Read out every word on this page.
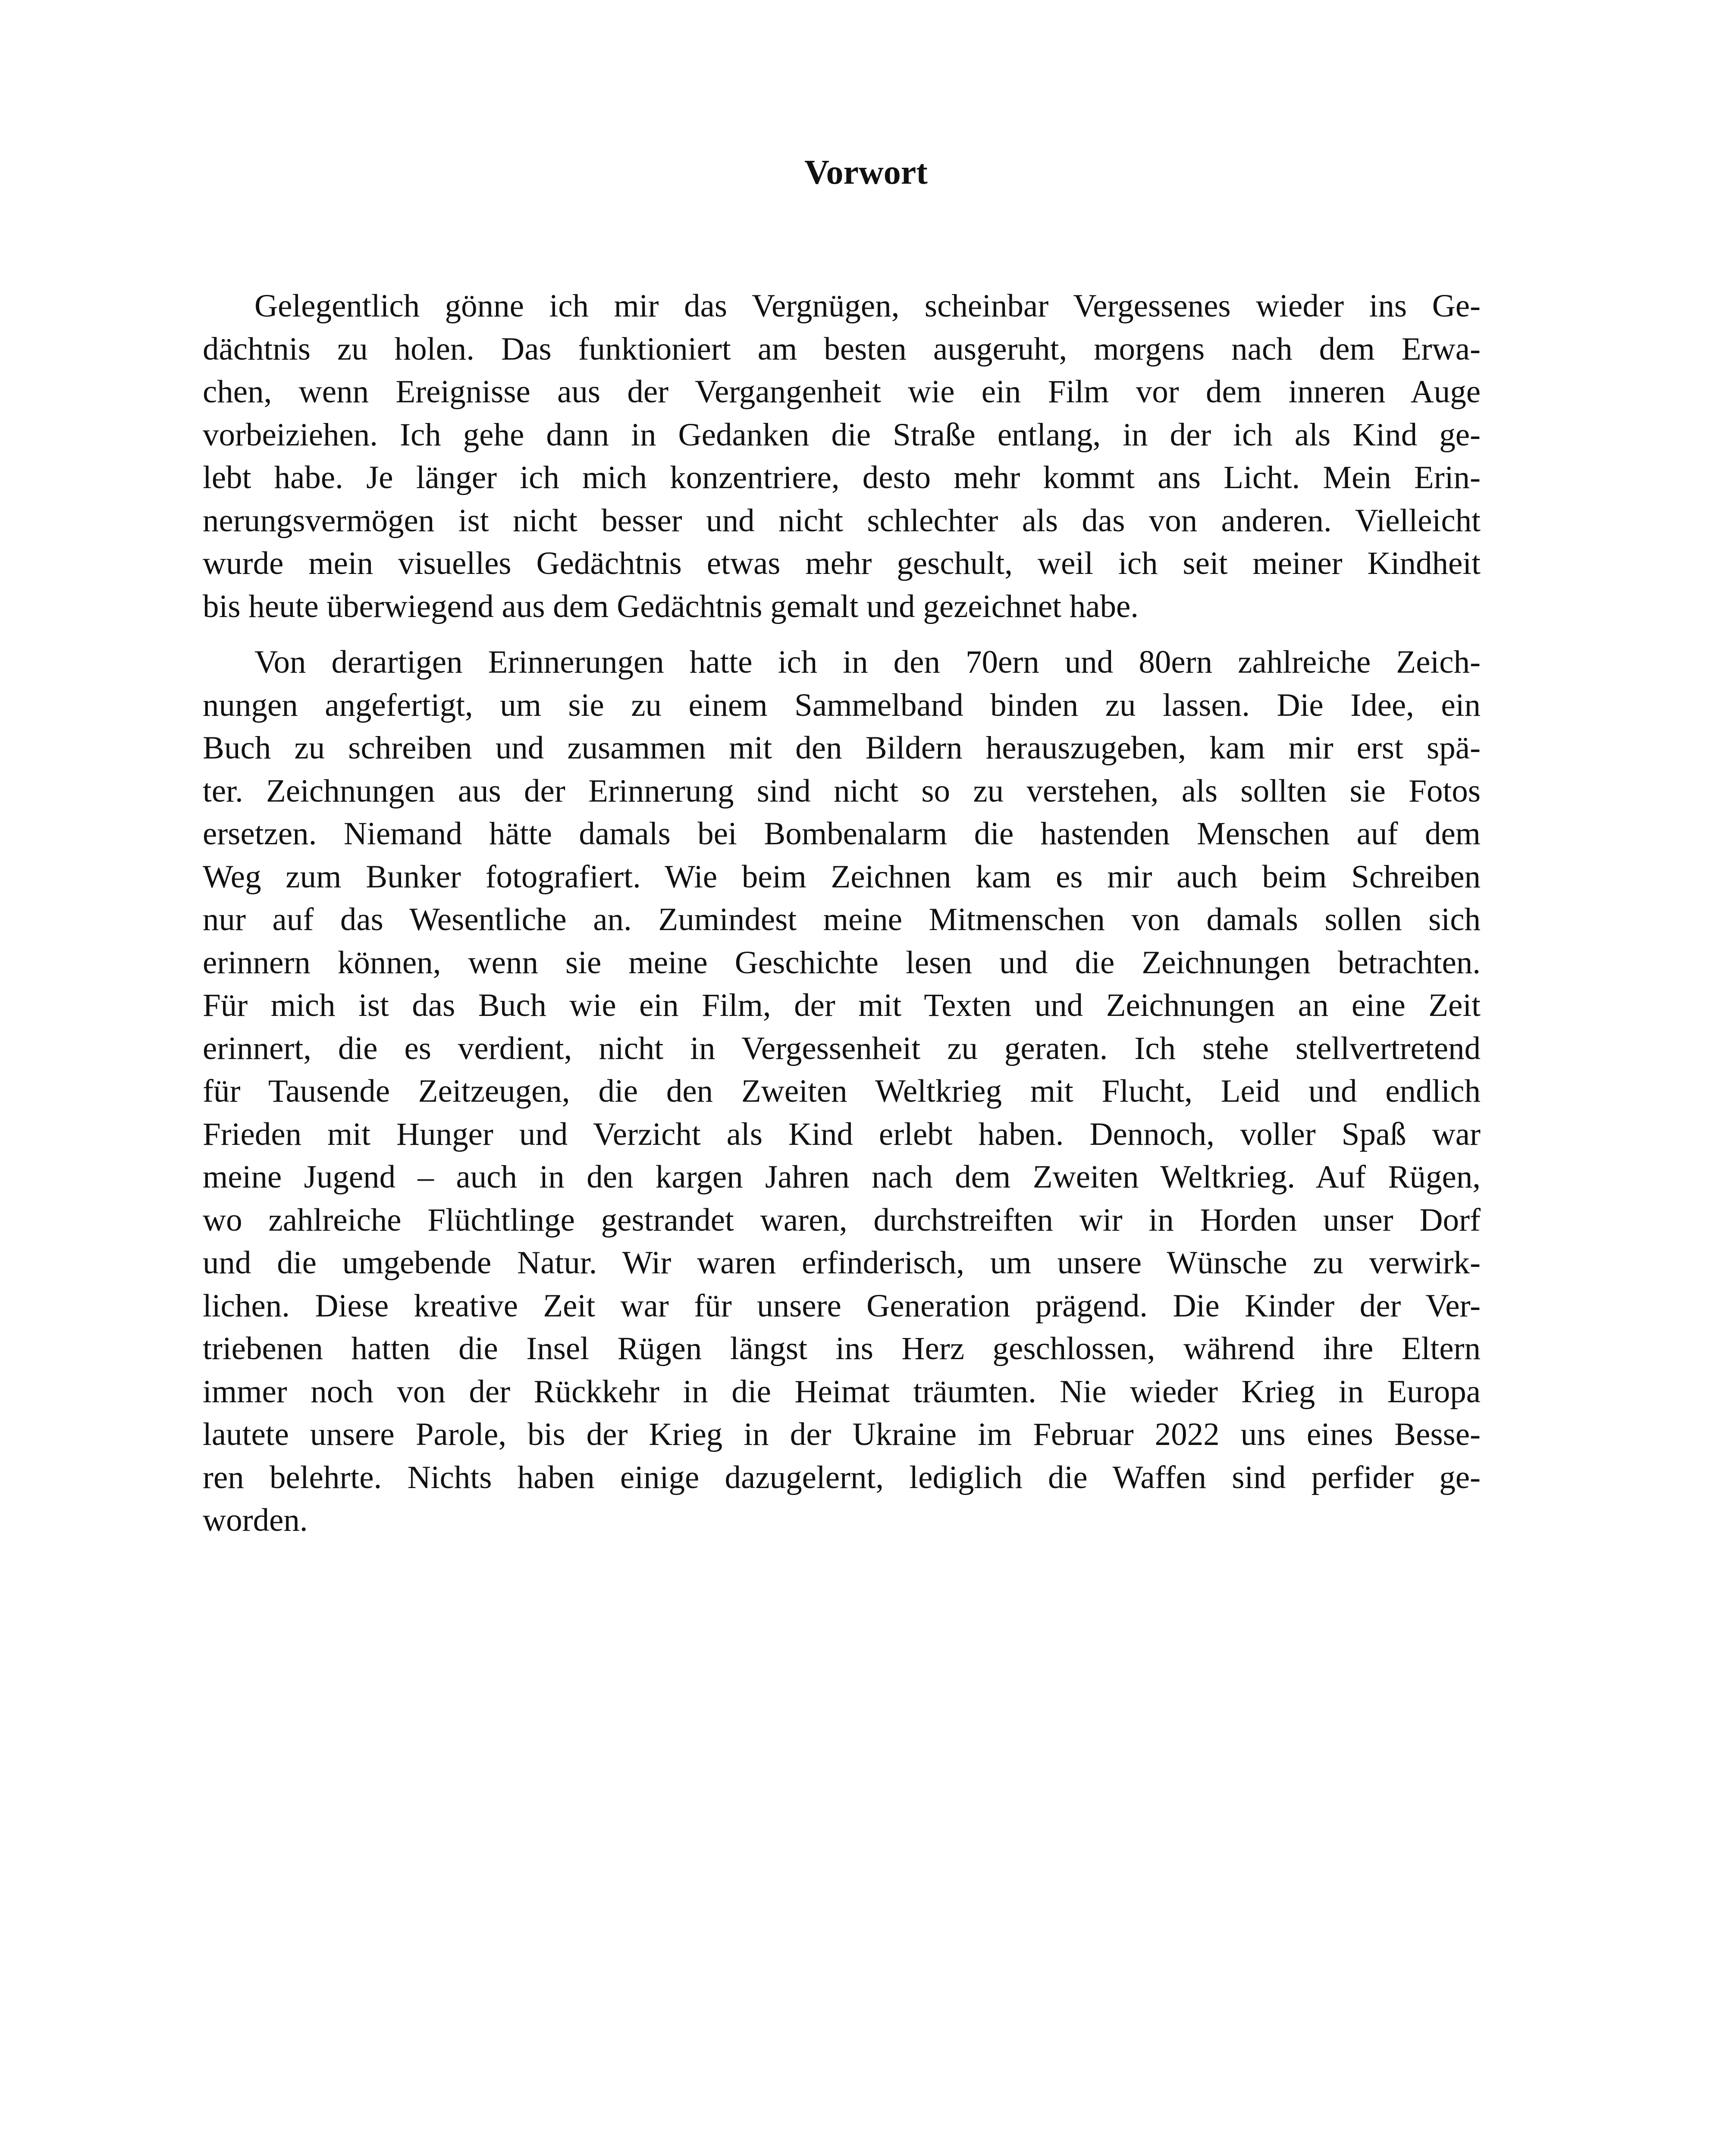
Vorwort
Gelegentlich gönne ich mir das Vergnügen, scheinbar Vergessenes wieder ins Ge-
dächtnis zu holen. Das funktioniert am besten ausgeruht, morgens nach dem Erwa-
chen, wenn Ereignisse aus der Vergangenheit wie ein Film vor dem inneren Auge
vorbeiziehen. Ich gehe dann in Gedanken die Straße entlang, in der ich als Kind ge-
lebt habe. Je länger ich mich konzentriere, desto mehr kommt ans Licht. Mein Erin-
nerungsvermögen ist nicht besser und nicht schlechter als das von anderen. Vielleicht
wurde mein visuelles Gedächtnis etwas mehr geschult, weil ich seit meiner Kindheit
bis heute überwiegend aus dem Gedächtnis gemalt und gezeichnet habe.
Von derartigen Erinnerungen hatte ich in den 70ern und 80ern zahlreiche Zeich-
nungen angefertigt, um sie zu einem Sammelband binden zu lassen. Die Idee, ein
Buch zu schreiben und zusammen mit den Bildern herauszugeben, kam mir erst spä-
ter. Zeichnungen aus der Erinnerung sind nicht so zu verstehen, als sollten sie Fotos
ersetzen. Niemand hätte damals bei Bombenalarm die hastenden Menschen auf dem
Weg zum Bunker fotografiert. Wie beim Zeichnen kam es mir auch beim Schreiben
nur auf das Wesentliche an. Zumindest meine Mitmenschen von damals sollen sich
erinnern können, wenn sie meine Geschichte lesen und die Zeichnungen betrachten.
Für mich ist das Buch wie ein Film, der mit Texten und Zeichnungen an eine Zeit
erinnert, die es verdient, nicht in Vergessenheit zu geraten. Ich stehe stellvertretend
für Tausende Zeitzeugen, die den Zweiten Weltkrieg mit Flucht, Leid und endlich
Frieden mit Hunger und Verzicht als Kind erlebt haben. Dennoch, voller Spaß war
meine Jugend – auch in den kargen Jahren nach dem Zweiten Weltkrieg. Auf Rügen,
wo zahlreiche Flüchtlinge gestrandet waren, durchstreiften wir in Horden unser Dorf
und die umgebende Natur. Wir waren erfinderisch, um unsere Wünsche zu verwirk-
lichen. Diese kreative Zeit war für unsere Generation prägend. Die Kinder der Ver-
triebenen hatten die Insel Rügen längst ins Herz geschlossen, während ihre Eltern
immer noch von der Rückkehr in die Heimat träumten. Nie wieder Krieg in Europa
lautete unsere Parole, bis der Krieg in der Ukraine im Februar 2022 uns eines Besse-
ren belehrte. Nichts haben einige dazugelernt, lediglich die Waffen sind perfider ge-
worden.
